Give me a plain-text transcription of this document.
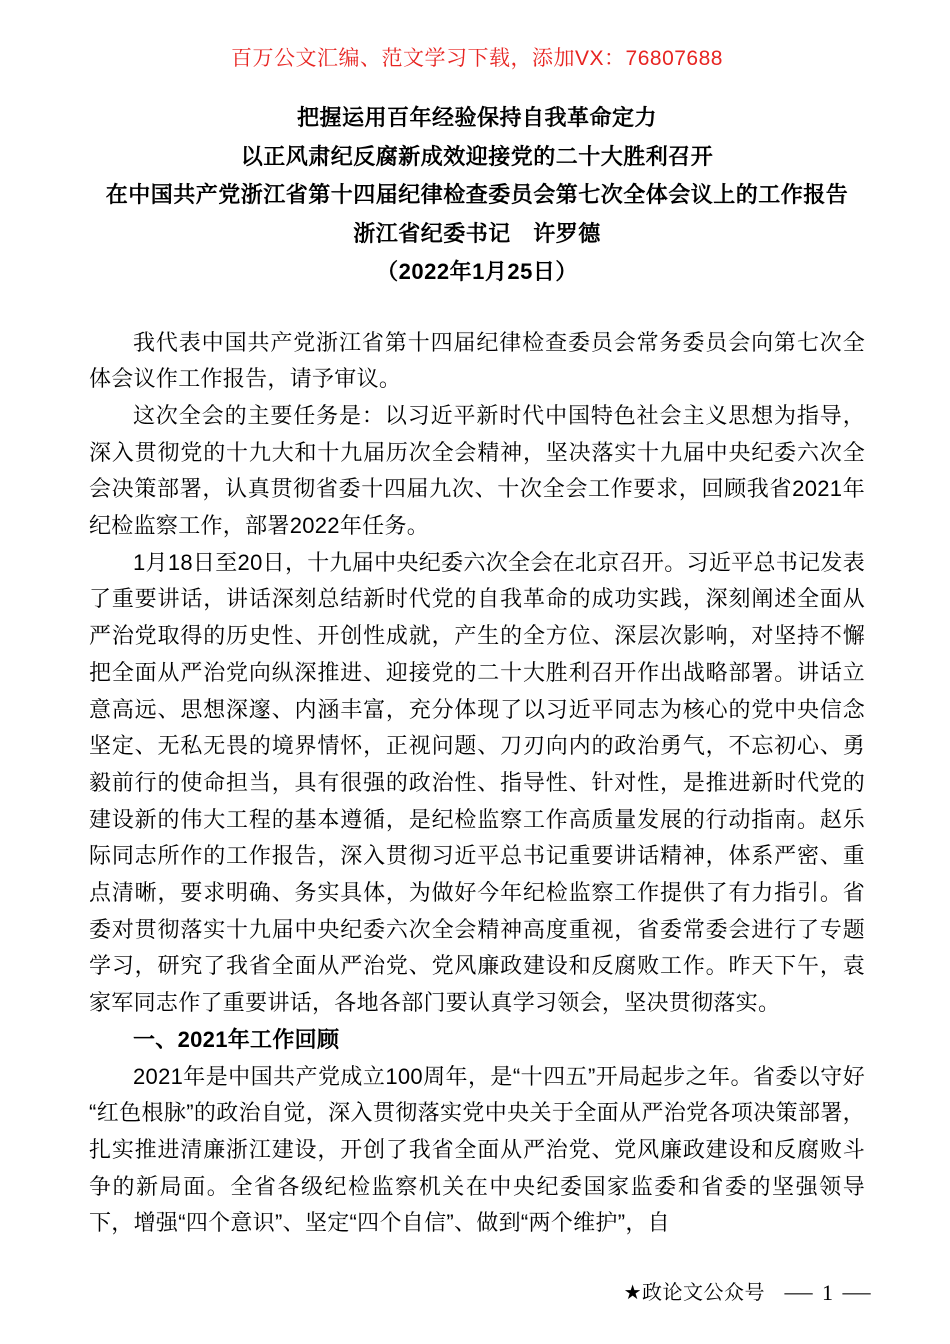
百万公文汇编、范文学习下载，添加VX：76807688
把握运用百年经验保持自我革命定力
以正风肃纪反腐新成效迎接党的二十大胜利召开
在中国共产党浙江省第十四届纪律检查委员会第七次全体会议上的工作报告
浙江省纪委书记　许罗德
（2022年1月25日）

我代表中国共产党浙江省第十四届纪律检查委员会常务委员会向第七次全体会议作工作报告，请予审议。

这次全会的主要任务是：以习近平新时代中国特色社会主义思想为指导，深入贯彻党的十九大和十九届历次全会精神，坚决落实十九届中央纪委六次全会决策部署，认真贯彻省委十四届九次、十次全会工作要求，回顾我省2021年纪检监察工作，部署2022年任务。

1月18日至20日，十九届中央纪委六次全会在北京召开。习近平总书记发表了重要讲话，讲话深刻总结新时代党的自我革命的成功实践，深刻阐述全面从严治党取得的历史性、开创性成就，产生的全方位、深层次影响，对坚持不懈把全面从严治党向纵深推进、迎接党的二十大胜利召开作出战略部署。讲话立意高远、思想深邃、内涵丰富，充分体现了以习近平同志为核心的党中央信念坚定、无私无畏的境界情怀，正视问题、刀刃向内的政治勇气，不忘初心、勇毅前行的使命担当，具有很强的政治性、指导性、针对性，是推进新时代党的建设新的伟大工程的基本遵循，是纪检监察工作高质量发展的行动指南。赵乐际同志所作的工作报告，深入贯彻习近平总书记重要讲话精神，体系严密、重点清晰，要求明确、务实具体，为做好今年纪检监察工作提供了有力指引。省委对贯彻落实十九届中央纪委六次全会精神高度重视，省委常委会进行了专题学习，研究了我省全面从严治党、党风廉政建设和反腐败工作。昨天下午，袁家军同志作了重要讲话，各地各部门要认真学习领会，坚决贯彻落实。

一、2021年工作回顾

2021年是中国共产党成立100周年，是“十四五”开局起步之年。省委以守好“红色根脉”的政治自觉，深入贯彻落实党中央关于全面从严治党各项决策部署，扎实推进清廉浙江建设，开创了我省全面从严治党、党风廉政建设和反腐败斗争的新局面。全省各级纪检监察机关在中央纪委国家监委和省委的坚强领导下，增强“四个意识”、坚定“四个自信”、做到“两个维护”，自

★ 政论文公众号 — 1 —
